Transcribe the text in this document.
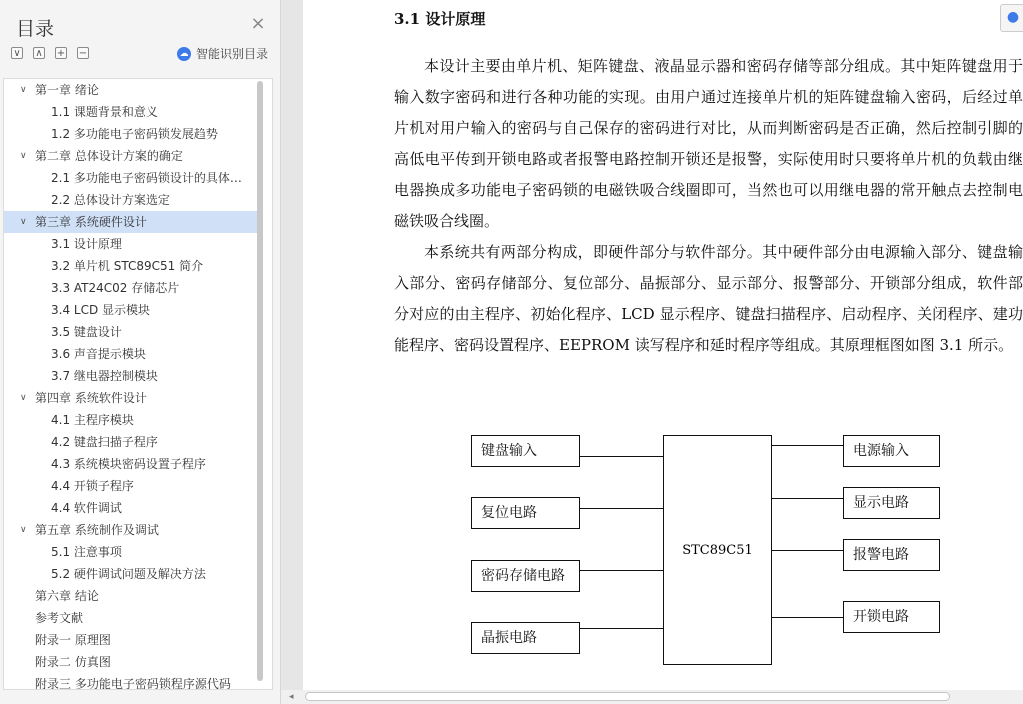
目录	×
∨ ∧ + −	☁ 智能识别目录
∨ 第一章 绪论
1.1 课题背景和意义
1.2 多功能电子密码锁发展趋势
∨ 第二章 总体设计方案的确定
2.1 多功能电子密码锁设计的具体…
2.2 总体设计方案选定
∨ 第三章 系统硬件设计
3.1 设计原理
3.2 单片机 STC89C51 简介
3.3 AT24C02 存储芯片
3.4 LCD 显示模块
3.5 键盘设计
3.6 声音提示模块
3.7 继电器控制模块
∨ 第四章 系统软件设计
4.1 主程序模块
4.2 键盘扫描子程序
4.3 系统模块密码设置子程序
4.4 开锁子程序
4.4 软件调试
∨ 第五章 系统制作及调试
5.1 注意事项
5.2 硬件调试问题及解决方法
第六章 结论
参考文献
附录一 原理图
附录二 仿真图
附录三 多功能电子密码锁程序源代码
3.1 设计原理

本设计主要由单片机、矩阵键盘、液晶显示器和密码存储等部分组成。其中矩阵键盘用于输入数字密码和进行各种功能的实现。由用户通过连接单片机的矩阵键盘输入密码，后经过单片机对用户输入的密码与自己保存的密码进行对比，从而判断密码是否正确，然后控制引脚的高低电平传到开锁电路或者报警电路控制开锁还是报警，实际使用时只要将单片机的负载由继电器换成多功能电子密码锁的电磁铁吸合线圈即可，当然也可以用继电器的常开触点去控制电磁铁吸合线圈。

本系统共有两部分构成，即硬件部分与软件部分。其中硬件部分由电源输入部分、键盘输入部分、密码存储部分、复位部分、晶振部分、显示部分、报警部分、开锁部分组成，软件部分对应的由主程序、初始化程序、LCD 显示程序、键盘扫描程序、启动程序、关闭程序、建功能程序、密码设置程序、EEPROM 读写程序和延时程序等组成。其原理框图如图 3.1 所示。

键盘输入
复位电路
密码存储电路
晶振电路
STC89C51
电源输入
显示电路
报警电路
开锁电路
●
◂
